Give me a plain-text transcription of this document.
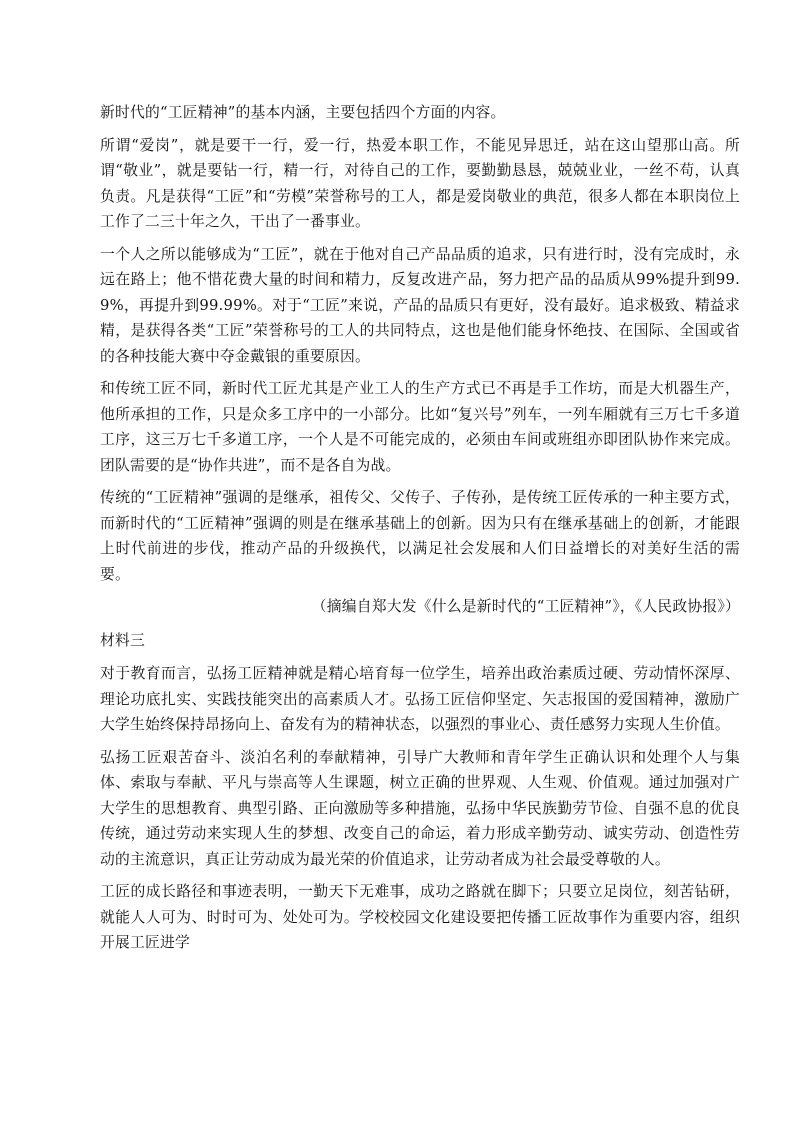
新时代的“工匠精神”的基本内涵，主要包括四个方面的内容。

所谓“爱岗”，就是要干一行，爱一行，热爱本职工作，不能见异思迁，站在这山望那山高。所谓“敬业”，就是要钻一行，精一行，对待自己的工作，要勤勤恳恳，兢兢业业，一丝不苟，认真负责。凡是获得“工匠”和“劳模”荣誉称号的工人，都是爱岗敬业的典范，很多人都在本职岗位上工作了二三十年之久，干出了一番事业。

一个人之所以能够成为“工匠”，就在于他对自己产品品质的追求，只有进行时，没有完成时，永远在路上；他不惜花费大量的时间和精力，反复改进产品，努力把产品的品质从99%提升到99.9%，再提升到99.99%。对于“工匠”来说，产品的品质只有更好，没有最好。追求极致、精益求精，是获得各类“工匠”荣誉称号的工人的共同特点，这也是他们能身怀绝技、在国际、全国或省的各种技能大赛中夺金戴银的重要原因。

和传统工匠不同，新时代工匠尤其是产业工人的生产方式已不再是手工作坊，而是大机器生产，他所承担的工作，只是众多工序中的一小部分。比如“复兴号”列车，一列车厢就有三万七千多道工序，这三万七千多道工序，一个人是不可能完成的，必须由车间或班组亦即团队协作来完成。团队需要的是“协作共进”，而不是各自为战。

传统的“工匠精神”强调的是继承，祖传父、父传子、子传孙，是传统工匠传承的一种主要方式，而新时代的“工匠精神”强调的则是在继承基础上的创新。因为只有在继承基础上的创新，才能跟上时代前进的步伐，推动产品的升级换代，以满足社会发展和人们日益增长的对美好生活的需要。

（摘编自郑大发《什么是新时代的“工匠精神”》，《人民政协报》）

材料三

对于教育而言，弘扬工匠精神就是精心培育每一位学生，培养出政治素质过硬、劳动情怀深厚、理论功底扎实、实践技能突出的高素质人才。弘扬工匠信仰坚定、矢志报国的爱国精神，激励广大学生始终保持昂扬向上、奋发有为的精神状态，以强烈的事业心、责任感努力实现人生价值。

弘扬工匠艰苦奋斗、淡泊名利的奉献精神，引导广大教师和青年学生正确认识和处理个人与集体、索取与奉献、平凡与崇高等人生课题，树立正确的世界观、人生观、价值观。通过加强对广大学生的思想教育、典型引路、正向激励等多种措施，弘扬中华民族勤劳节俭、自强不息的优良传统，通过劳动来实现人生的梦想、改变自己的命运，着力形成辛勤劳动、诚实劳动、创造性劳动的主流意识，真正让劳动成为最光荣的价值追求，让劳动者成为社会最受尊敬的人。

工匠的成长路径和事迹表明，一勤天下无难事，成功之路就在脚下；只要立足岗位，刻苦钻研，就能人人可为、时时可为、处处可为。学校校园文化建设要把传播工匠故事作为重要内容，组织开展工匠进学
